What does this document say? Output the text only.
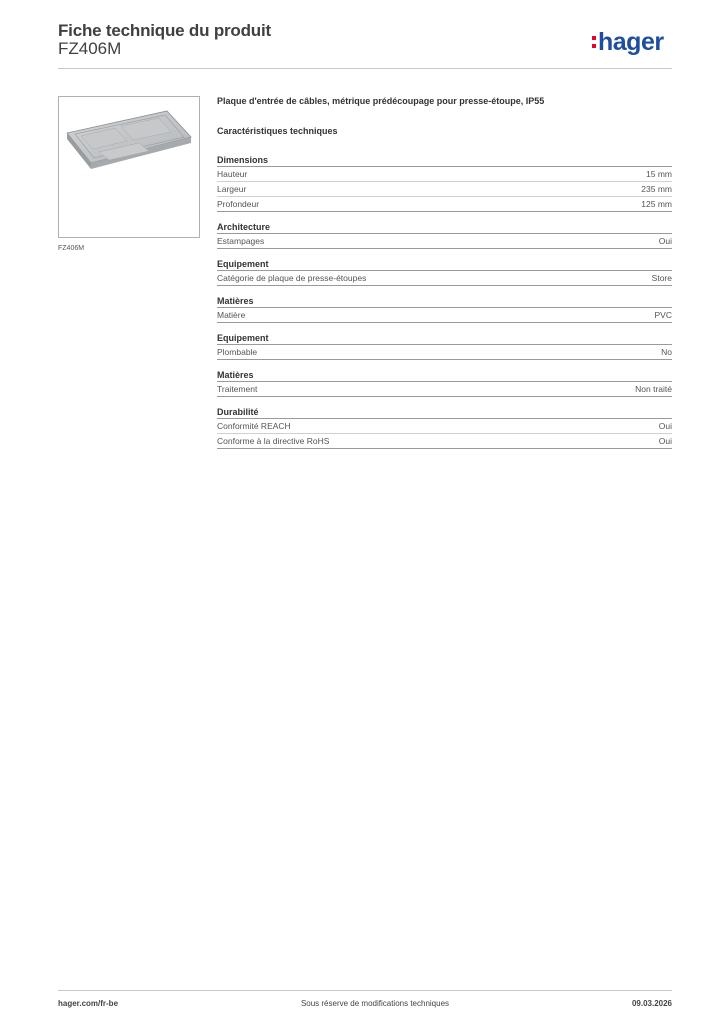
Fiche technique du produit
FZ406M	hager
FZ406M
Plaque d'entrée de câbles, métrique prédécoupage pour presse-étoupe, IP55
Caractéristiques techniques
Dimensions
Hauteur	15 mm
Largeur	235 mm
Profondeur	125 mm
Architecture
Estampages	Oui
Equipement
Catégorie de plaque de presse-étoupes	Store
Matières
Matière	PVC
Equipement
Plombable	No
Matières
Traitement	Non traité
Durabilité
Conformité REACH	Oui
Conforme à la directive RoHS	Oui
hager.com/fr-be	Sous réserve de modifications techniques	09.03.2026
